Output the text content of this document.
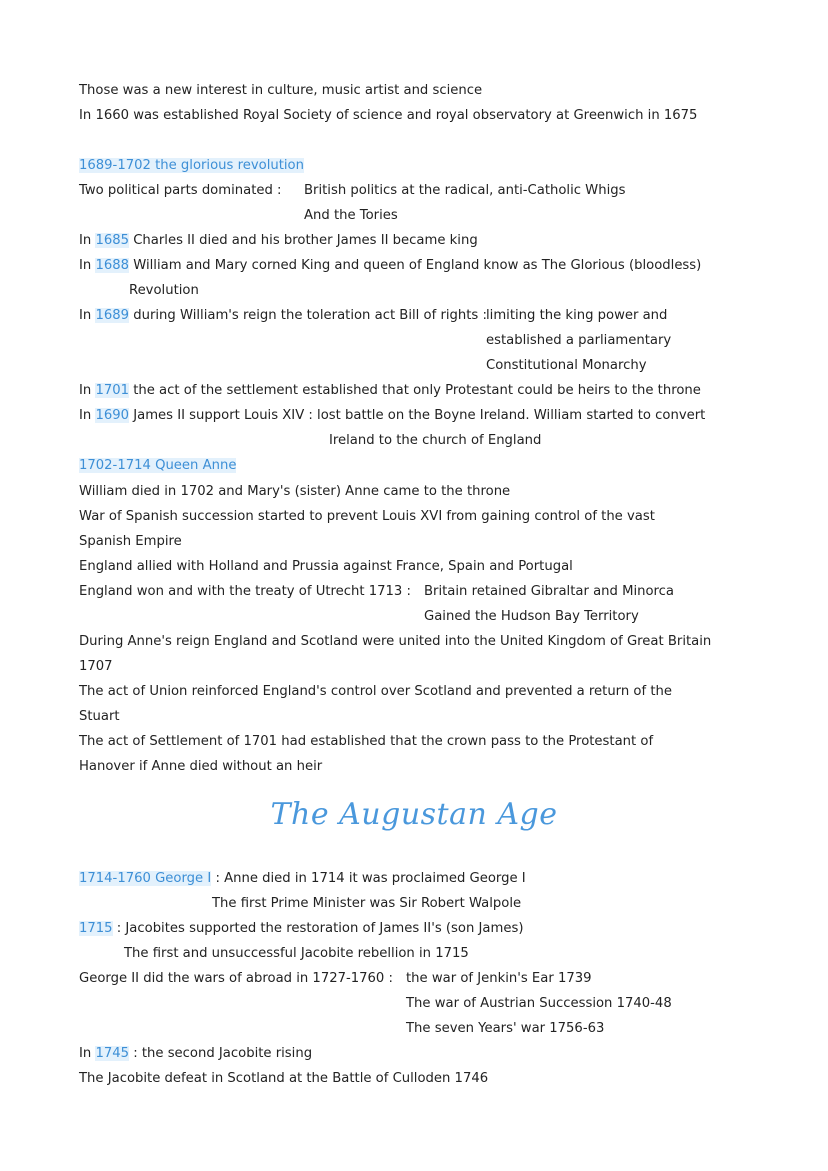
Those was a new interest in culture, music artist and science
In 1660 was established Royal Society of science and royal observatory at Greenwich in 1675
1689-1702 the glorious revolution
Two political parts dominated : British politics at the radical, anti-Catholic Whigs
And the Tories
In 1685 Charles II died and his brother James II became king
In 1688 William and Mary corned King and queen of England know as The Glorious (bloodless)
Revolution
In 1689 during William's reign the toleration act Bill of rights : limiting the king power and
established a parliamentary
Constitutional Monarchy
In 1701 the act of the settlement established that only Protestant could be heirs to the throne
In 1690 James II support Louis XIV : lost battle on the Boyne Ireland. William started to convert
Ireland to the church of England
1702-1714 Queen Anne
William died in 1702 and Mary's (sister) Anne came to the throne
War of Spanish succession started to prevent Louis XVI from gaining control of the vast
Spanish Empire
England allied with Holland and Prussia against France, Spain and Portugal
England won and with the treaty of Utrecht 1713 : Britain retained Gibraltar and Minorca
Gained the Hudson Bay Territory
During Anne's reign England and Scotland were united into the United Kingdom of Great Britain
1707
The act of Union reinforced England's control over Scotland and prevented a return of the
Stuart
The act of Settlement of 1701 had established that the crown pass to the Protestant of
Hanover if Anne died without an heir
The Augustan Age
1714-1760 George I : Anne died in 1714 it was proclaimed George I
The first Prime Minister was Sir Robert Walpole
1715 : Jacobites supported the restoration of James II's (son James)
The first and unsuccessful Jacobite rebellion in 1715
George II did the wars of abroad in 1727-1760 : the war of Jenkin's Ear 1739
The war of Austrian Succession 1740-48
The seven Years' war 1756-63
In 1745 : the second Jacobite rising
The Jacobite defeat in Scotland at the Battle of Culloden 1746
